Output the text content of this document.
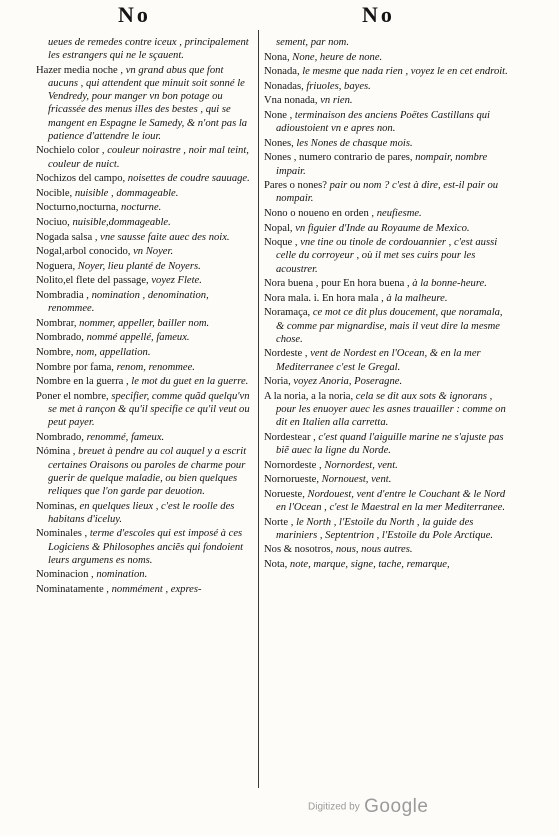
No	No
ueues de remedes contre iceux , principalement les estrangers qui ne le sçauent.
Hazer media noche , vn grand abus que font aucuns , qui attendent que minuit soit sonné le Vendredy, pour manger vn bon potage ou fricassée des menus illes des bestes , qui se mangent en Espagne le Samedy, & n'ont pas la patience d'attendre le iour.
Nochielo color , couleur noirastre , noir mal teint, couleur de nuict.
Nochizos del campo, noisettes de coudre sauuage.
Nocible, nuisible , dommageable.
Nocturno,nocturna, nocturne.
Nociuo, nuisible,dommageable.
Nogada salsa , vne sausse faite auec des noix.
Nogal,arbol conocido, vn Noyer.
Noguera, Noyer, lieu planté de Noyers.
Nolito,el flete del passage, voyez Flete.
Nombradia , nomination , denomination, renommee.
Nombrar, nommer, appeller, bailler nom.
Nombrado, nommé appellé, fameux.
Nombre, nom, appellation.
Nombre por fama, renom, renommee.
Nombre en la guerra , le mot du guet en la guerre.
Poner el nombre, specifier, comme quãd quelqu'vn se met à rançon & qu'il specifie ce qu'il veut ou peut payer.
Nombrado, renommé, fameux.
Nómina , breuet à pendre au col auquel y a escrit certaines Oraisons ou paroles de charme pour guerir de quelque maladie, ou bien quelques reliques que l'on garde par deuotion.
Nominas, en quelques lieux , c'est le roolle des habitans d'iceluy.
Nominales , terme d'escoles qui est imposé à ces Logiciens & Philosophes anciẽs qui fondoient leurs argumens es noms.
Nominacion , nomination.
Nominatamente , nommément , expres-
sement, par nom.
Nona, None, heure de none.
Nonada, le mesme que nada rien , voyez le en cet endroit.
Nonadas, friuoles, bayes.
Vna nonada, vn rien.
None , terminaison des anciens Poëtes Castillans qui adioustoient vn e apres non.
Nones, les Nones de chasque mois.
Nones , numero contrario de pares, nompair, nombre impair.
Pares o nones? pair ou nom ? c'est à dire, est-il pair ou nompair.
Nono o noueno en orden , neufiesme.
Nopal, vn figuier d'Inde au Royaume de Mexico.
Noque , vne tine ou tinole de cordouannier , c'est aussi celle du corroyeur , où il met ses cuirs pour les acoustrer.
Nora buena , pour En hora buena , à la bonne-heure.
Nora mala. i. En hora mala , à la malheure.
Noramaça, ce mot ce dit plus doucement, que noramala, & comme par mignardise, mais il veut dire la mesme chose.
Nordeste , vent de Nordest en l'Ocean, & en la mer Mediterranee c'est le Gregal.
Noria, voyez Anoria, Poseragne.
A la noria, a la noria, cela se dit aux sots & ignorans , pour les enuoyer auec les asnes trauailler : comme on dit en Italien alla carretta.
Nordestear , c'est quand l'aiguille marine ne s'ajuste pas biẽ auec la ligne du Norde.
Nornordeste , Nornordest, vent.
Nornorueste, Nornouest, vent.
Norueste, Nordouest, vent d'entre le Couchant & le Nord en l'Ocean , c'est le Maestral en la mer Mediterranee.
Norte , le North , l'Estoile du North , la guide des mariniers , Septentrion , l'Estoile du Pole Arctique.
Nos & nosotros, nous, nous autres.
Nota, note, marque, signe, tache, remarque,
Digitized by Google
